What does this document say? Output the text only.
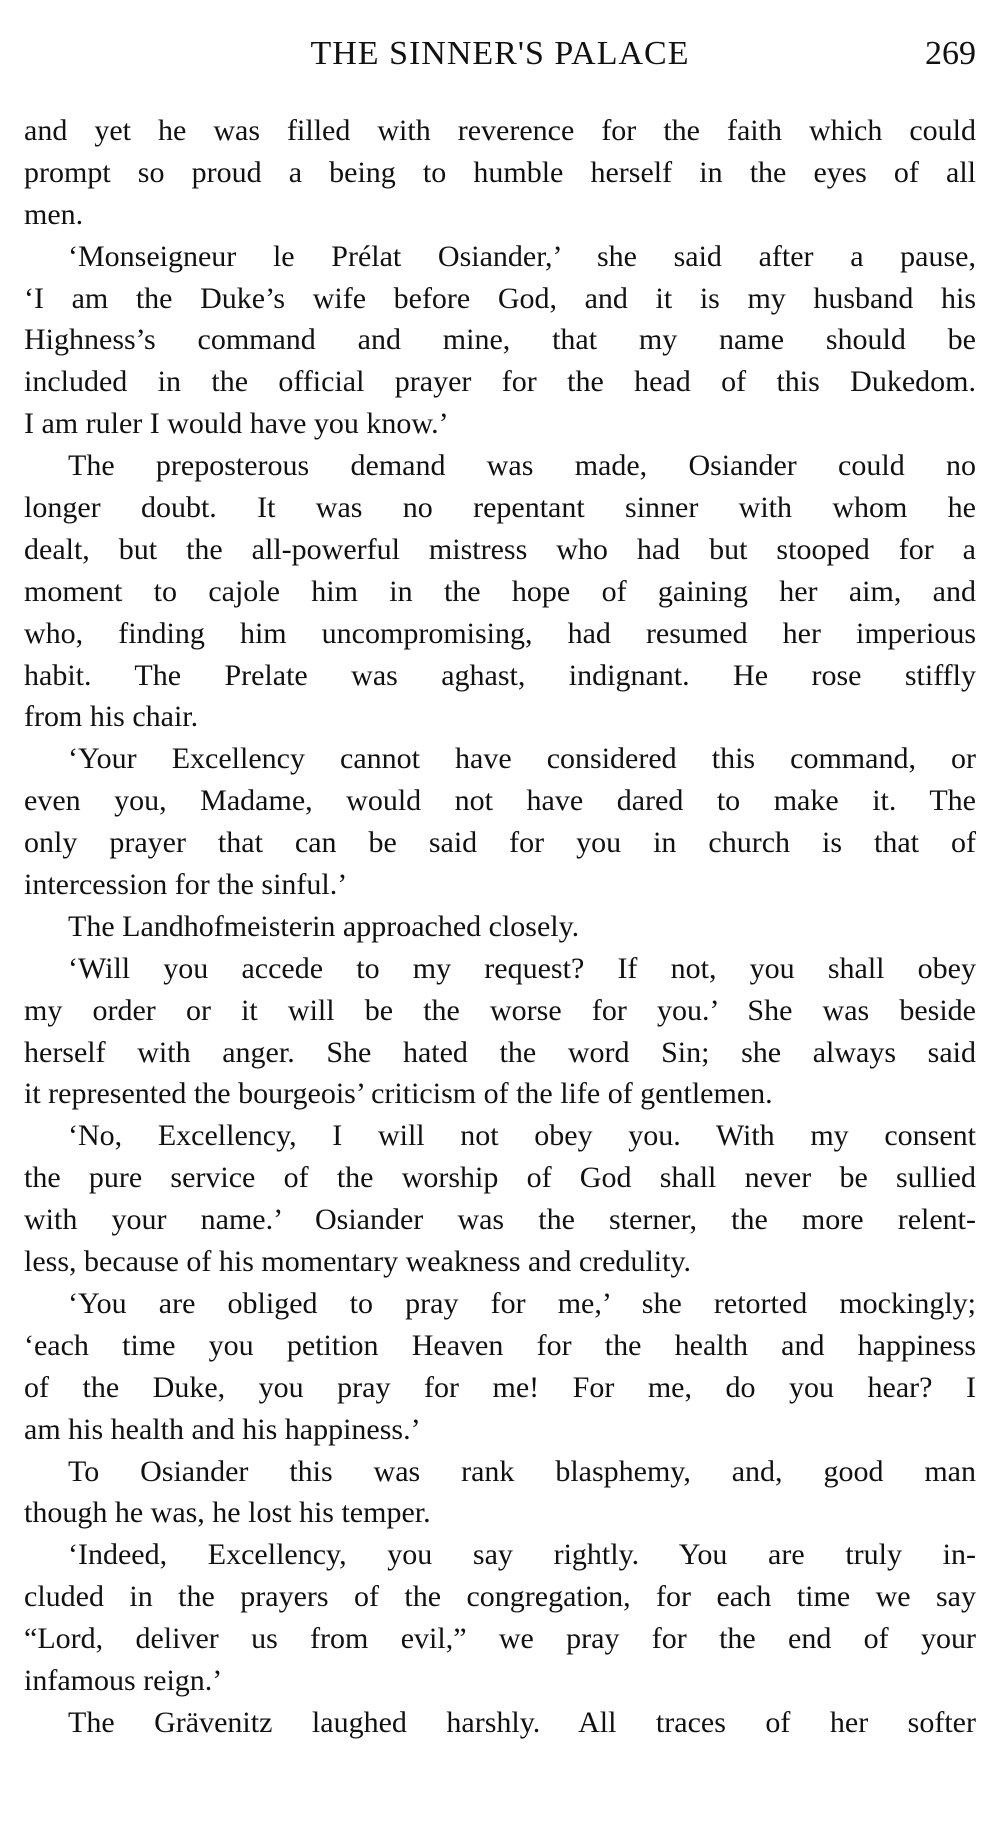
THE SINNER'S PALACE	269
and yet he was filled with reverence for the faith which could
prompt so proud a being to humble herself in the eyes of all
men.
‘Monseigneur le Prélat Osiander,’ she said after a pause,
‘I am the Duke’s wife before God, and it is my husband his
Highness’s command and mine, that my name should be
included in the official prayer for the head of this Dukedom.
I am ruler I would have you know.’
The preposterous demand was made, Osiander could no
longer doubt. It was no repentant sinner with whom he
dealt, but the all-powerful mistress who had but stooped for a
moment to cajole him in the hope of gaining her aim, and
who, finding him uncompromising, had resumed her imperious
habit. The Prelate was aghast, indignant. He rose stiffly
from his chair.
‘Your Excellency cannot have considered this command, or
even you, Madame, would not have dared to make it. The
only prayer that can be said for you in church is that of
intercession for the sinful.’
The Landhofmeisterin approached closely.
‘Will you accede to my request? If not, you shall obey
my order or it will be the worse for you.’ She was beside
herself with anger. She hated the word Sin; she always said
it represented the bourgeois’ criticism of the life of gentlemen.
‘No, Excellency, I will not obey you. With my consent
the pure service of the worship of God shall never be sullied
with your name.’ Osiander was the sterner, the more relent-
less, because of his momentary weakness and credulity.
‘You are obliged to pray for me,’ she retorted mockingly;
‘each time you petition Heaven for the health and happiness
of the Duke, you pray for me! For me, do you hear? I
am his health and his happiness.’
To Osiander this was rank blasphemy, and, good man
though he was, he lost his temper.
‘Indeed, Excellency, you say rightly. You are truly in-
cluded in the prayers of the congregation, for each time we say
“Lord, deliver us from evil,” we pray for the end of your
infamous reign.’
The Grävenitz laughed harshly. All traces of her softer
